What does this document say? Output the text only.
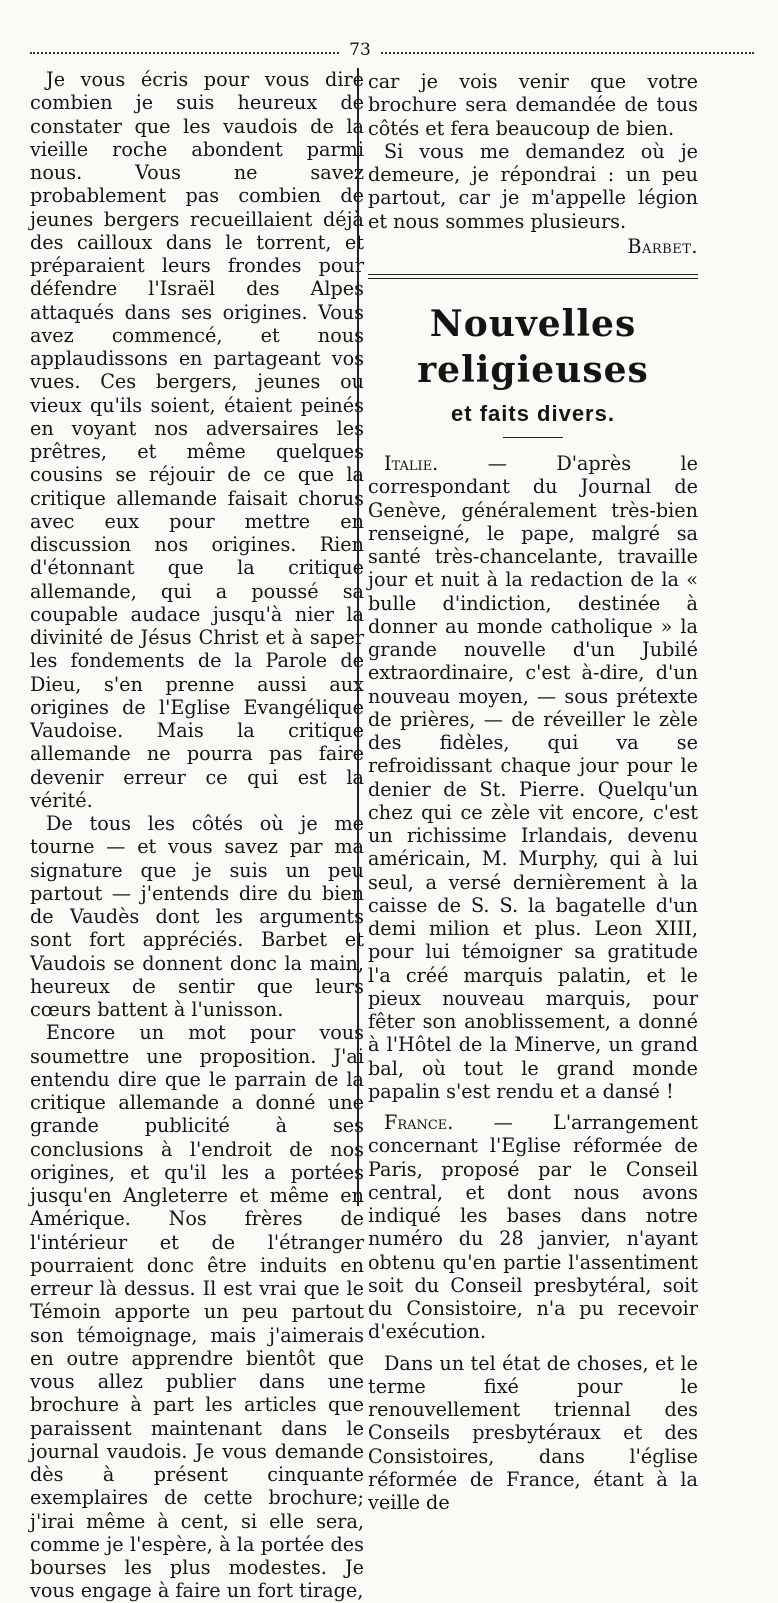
73

Je vous écris pour vous dire combien je suis heureux de constater que les vaudois de la vieille roche abondent parmi nous. Vous ne savez probablement pas combien de jeunes bergers recueillaient déjà des cailloux dans le torrent, et préparaient leurs frondes pour défendre l'Israël des Alpes attaqués dans ses origines. Vous avez commencé, et nous applaudissons en partageant vos vues. Ces bergers, jeunes ou vieux qu'ils soient, étaient peinés en voyant nos adversaires les prêtres, et même quelques cousins se réjouir de ce que la critique allemande faisait chorus avec eux pour mettre en discussion nos origines. Rien d'étonnant que la critique allemande, qui a poussé sa coupable audace jusqu'à nier la divinité de Jésus Christ et à saper les fondements de la Parole de Dieu, s'en prenne aussi aux origines de l'Eglise Evangélique Vaudoise. Mais la critique allemande ne pourra pas faire devenir erreur ce qui est la vérité.

De tous les côtés où je me tourne — et vous savez par ma signature que je suis un peu partout — j'entends dire du bien de Vaudès dont les arguments sont fort appréciés. Barbet et Vaudois se donnent donc la main, heureux de sentir que leurs cœurs battent à l'unisson.

Encore un mot pour vous soumettre une proposition. J'ai entendu dire que le parrain de la critique allemande a donné une grande publicité à ses conclusions à l'endroit de nos origines, et qu'il les a portées jusqu'en Angleterre et même en Amérique. Nos frères de l'intérieur et de l'étranger pourraient donc être induits en erreur là dessus. Il est vrai que le Témoin apporte un peu partout son témoignage, mais j'aimerais en outre apprendre bientôt que vous allez publier dans une brochure à part les articles que paraissent maintenant dans le journal vaudois. Je vous demande dès à présent cinquante exemplaires de cette brochure; j'irai même à cent, si elle sera, comme je l'espère, à la portée des bourses les plus modestes. Je vous engage à faire un fort tirage,

car je vois venir que votre brochure sera demandée de tous côtés et fera beaucoup de bien.

Si vous me demandez où je demeure, je répondrai : un peu partout, car je m'appelle légion et nous sommes plusieurs.

Barbet.
Nouvelles religieuses
et faits divers.

Italie. — D'après le correspondant du Journal de Genève, généralement très-bien renseigné, le pape, malgré sa santé très-chancelante, travaille jour et nuit à la redaction de la « bulle d'indiction, destinée à donner au monde catholique » la grande nouvelle d'un Jubilé extraordinaire, c'est à-dire, d'un nouveau moyen, — sous prétexte de prières, — de réveiller le zèle des fidèles, qui va se refroidissant chaque jour pour le denier de St. Pierre. Quelqu'un chez qui ce zèle vit encore, c'est un richissime Irlandais, devenu américain, M. Murphy, qui à lui seul, a versé dernièrement à la caisse de S. S. la bagatelle d'un demi milion et plus. Leon XIII, pour lui témoigner sa gratitude l'a créé marquis palatin, et le pieux nouveau marquis, pour fêter son anoblissement, a donné à l'Hôtel de la Minerve, un grand bal, où tout le grand monde papalin s'est rendu et a dansé !

France. — L'arrangement concernant l'Eglise réformée de Paris, proposé par le Conseil central, et dont nous avons indiqué les bases dans notre numéro du 28 janvier, n'ayant obtenu qu'en partie l'assentiment soit du Conseil presbytéral, soit du Consistoire, n'a pu recevoir d'exécution.

Dans un tel état de choses, et le terme fixé pour le renouvellement triennal des Conseils presbytéraux et des Consistoires, dans l'église réformée de France, étant à la veille de
